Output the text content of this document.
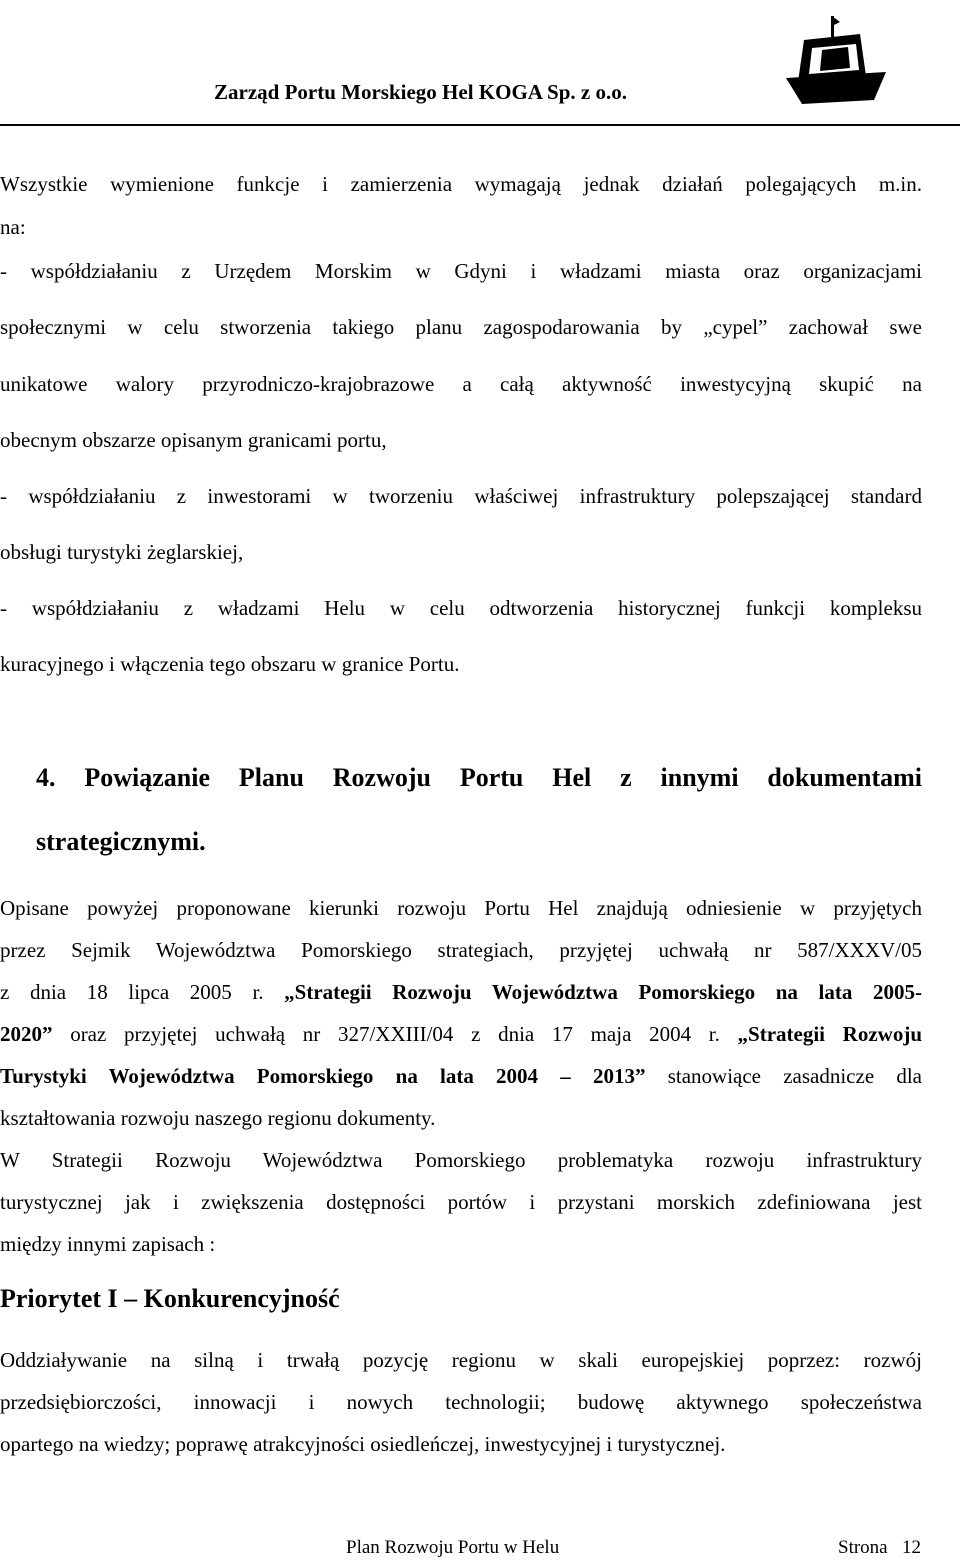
Zarząd Portu Morskiego Hel KOGA Sp. z o.o.
Wszystkie wymienione funkcje i zamierzenia wymagają jednak działań polegających m.in.
na:
- współdziałaniu z Urzędem Morskim w Gdyni i władzami miasta oraz organizacjami
społecznymi w celu stworzenia takiego planu zagospodarowania by „cypel” zachował swe
unikatowe walory przyrodniczo-krajobrazowe a całą aktywność inwestycyjną skupić na
obecnym obszarze opisanym granicami portu,
- współdziałaniu z inwestorami w tworzeniu właściwej infrastruktury polepszającej standard
obsługi turystyki żeglarskiej,
- współdziałaniu z władzami Helu w celu odtworzenia historycznej funkcji kompleksu
kuracyjnego i włączenia tego obszaru w granice Portu.
4. Powiązanie Planu Rozwoju Portu Hel z innymi dokumentami
strategicznymi.
Opisane powyżej proponowane kierunki rozwoju Portu Hel znajdują odniesienie w przyjętych
przez Sejmik Województwa Pomorskiego strategiach, przyjętej uchwałą nr 587/XXXV/05
z dnia 18 lipca 2005 r. „Strategii Rozwoju Województwa Pomorskiego na lata 2005-
2020” oraz przyjętej uchwałą nr 327/XXIII/04 z dnia 17 maja 2004 r. „Strategii Rozwoju
Turystyki Województwa Pomorskiego na lata 2004 – 2013” stanowiące zasadnicze dla
kształtowania rozwoju naszego regionu dokumenty.
W Strategii Rozwoju Województwa Pomorskiego problematyka rozwoju infrastruktury
turystycznej jak i zwiększenia dostępności portów i przystani morskich zdefiniowana jest
między innymi zapisach :
Priorytet I – Konkurencyjność
Oddziaływanie na silną i trwałą pozycję regionu w skali europejskiej poprzez: rozwój
przedsiębiorczości, innowacji i nowych technologii; budowę aktywnego społeczeństwa
opartego na wiedzy; poprawę atrakcyjności osiedleńczej, inwestycyjnej i turystycznej.
Plan Rozwoju Portu w Helu	Strona 12
